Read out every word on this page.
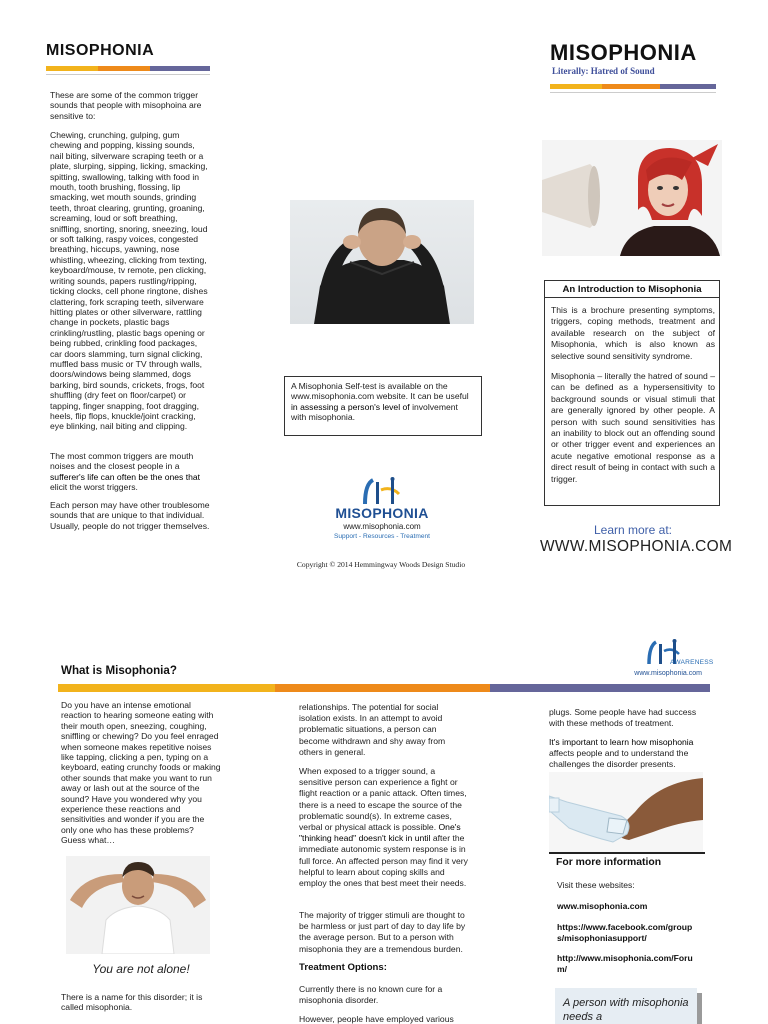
MISOPHONIA
These are some of the common trigger sounds that people with misophoina are sensitive to:
Chewing, crunching, gulping, gum chewing and popping, kissing sounds, nail biting, silverware scraping teeth or a plate, slurping, sipping, licking, smacking, spitting, swallowing, talking with food in mouth, tooth brushing, flossing, lip smacking, wet mouth sounds, grinding teeth, throat clearing, grunting, groaning, screaming, loud or soft breathing, sniffling, snorting, snoring, sneezing, loud or soft talking, raspy voices, congested breathing, hiccups, yawning, nose whistling, wheezing, clicking from texting, keyboard/mouse, tv remote, pen clicking, writing sounds, papers rustling/ripping, ticking clocks, cell phone ringtone, dishes clattering, fork scraping teeth, silverware hitting plates or other silverware, rattling change in pockets, plastic bags crinkling/rustling, plastic bags opening or being rubbed, crinkling food packages, car doors slamming, turn signal clicking, muffled bass music or TV through walls, doors/windows being slammed, dogs barking, bird sounds, crickets, frogs, foot shuffling (dry feet on floor/carpet) or tapping, finger snapping, foot dragging, heels, flip flops, knuckle/joint cracking, eye blinking, nail biting and clipping.
The most common triggers are mouth noises and the closest people in a sufferer's life can often be the ones that elicit the worst triggers.
Each person may have other troublesome sounds that are unique to that individual. Usually, people do not trigger themselves.
A Misophonia Self-test is available on the www.misophonia.com website. It can be useful in assessing a person's level of involvement with misophonia.
MISOPHONIA
www.misophonia.com
Support - Resources - Treatment
Copyright © 2014 Hemmingway Woods Design Studio
MISOPHONIA
Literally: Hatred of Sound
An Introduction to Misophonia
This is a brochure presenting symptoms, triggers, coping methods, treatment and available research on the subject of Misophonia, which is also known as selective sound sensitivity syndrome.
Misophonia – literally the hatred of sound – can be defined as a hypersensitivity to background sounds or visual stimuli that are generally ignored by other people. A person with such sound sensitivities has an inability to block out an offending sound or other trigger event and experiences an acute negative emotional response as a direct result of being in contact with such a trigger.
Learn more at:
WWW.MISOPHONIA.COM
What is Misophonia?
AWARENESS
www.misophonia.com
Do you have an intense emotional reaction to hearing someone eating with their mouth open, sneezing, coughing, sniffling or chewing? Do you feel enraged when someone makes repetitive noises like tapping, clicking a pen, typing on a keyboard, eating crunchy foods or making other sounds that make you want to run away or lash out at the source of the sound? Have you wondered why you experience these reactions and sensitivities and wonder if you are the only one who has these problems? Guess what…
You are not alone!
There is a name for this disorder; it is called misophonia.
relationships. The potential for social isolation exists. In an attempt to avoid problematic situations, a person can become withdrawn and shy away from others in general.
When exposed to a trigger sound, a sensitive person can experience a fight or flight reaction or a panic attack. Often times, there is a need to escape the source of the problematic sound(s). In extreme cases, verbal or physical attack is possible. One's "thinking head" doesn't kick in until after the immediate autonomic system response is in full force. An affected person may find it very helpful to learn about coping skills and employ the ones that best meet their needs.
The majority of trigger stimuli are thought to be harmless or just part of day to day life by the average person. But to a person with misophonia they are a tremendous burden.
Treatment Options:
Currently there is no known cure for a misophonia disorder.
However, people have employed various
plugs. Some people have had success with these methods of treatment.
It's important to learn how misophonia affects people and to understand the challenges the disorder presents.
For more information
Visit these websites:
www.misophonia.com
https://www.facebook.com/groups/misophoniasupport/
http://www.misophonia.com/Forum/
A person with misophonia needs a
